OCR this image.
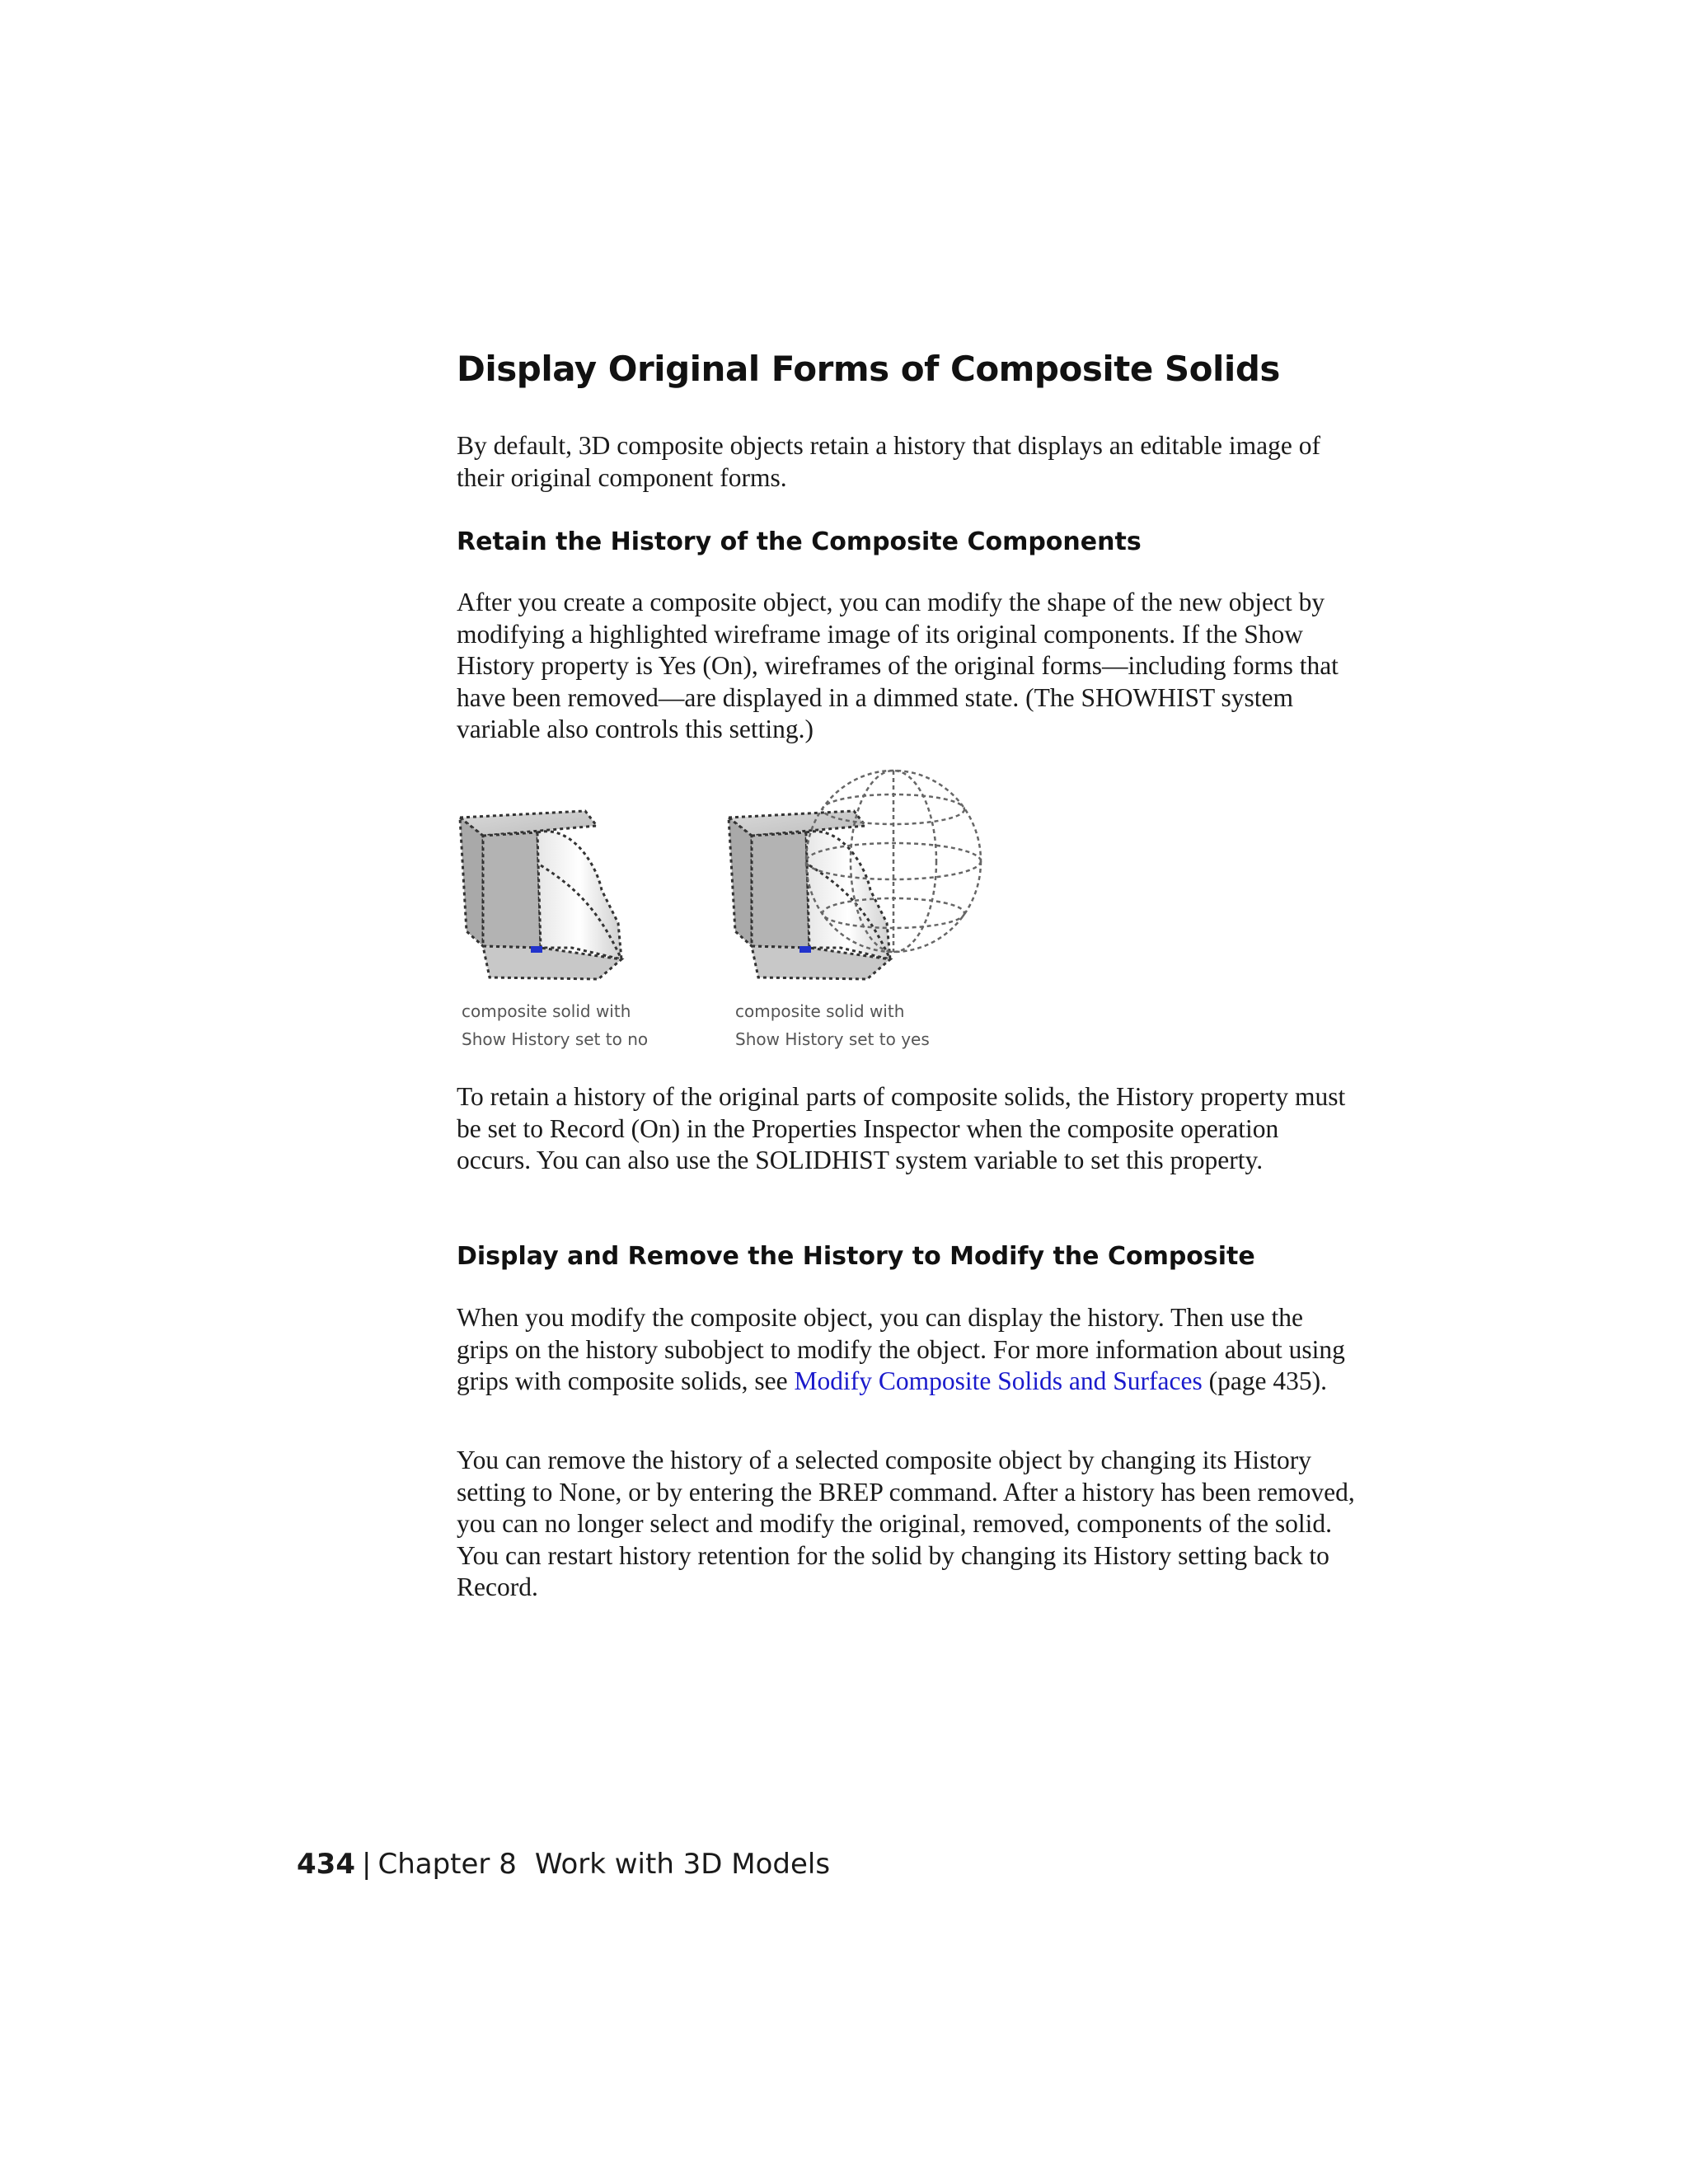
Display Original Forms of Composite Solids

By default, 3D composite objects retain a history that displays an editable image of their original component forms.

Retain the History of the Composite Components

After you create a composite object, you can modify the shape of the new object by modifying a highlighted wireframe image of its original components. If the Show History property is Yes (On), wireframes of the original forms—including forms that have been removed—are displayed in a dimmed state. (The SHOWHIST system variable also controls this setting.)

composite solid with
Show History set to no
composite solid with
Show History set to yes

To retain a history of the original parts of composite solids, the History property must be set to Record (On) in the Properties Inspector when the composite operation occurs. You can also use the SOLIDHIST system variable to set this property.

Display and Remove the History to Modify the Composite

When you modify the composite object, you can display the history. Then use the grips on the history subobject to modify the object. For more information about using grips with composite solids, see Modify Composite Solids and Surfaces (page 435).

You can remove the history of a selected composite object by changing its History setting to None, or by entering the BREP command. After a history has been removed, you can no longer select and modify the original, removed, components of the solid. You can restart history retention for the solid by changing its History setting back to Record.

434 | Chapter 8 Work with 3D Models
